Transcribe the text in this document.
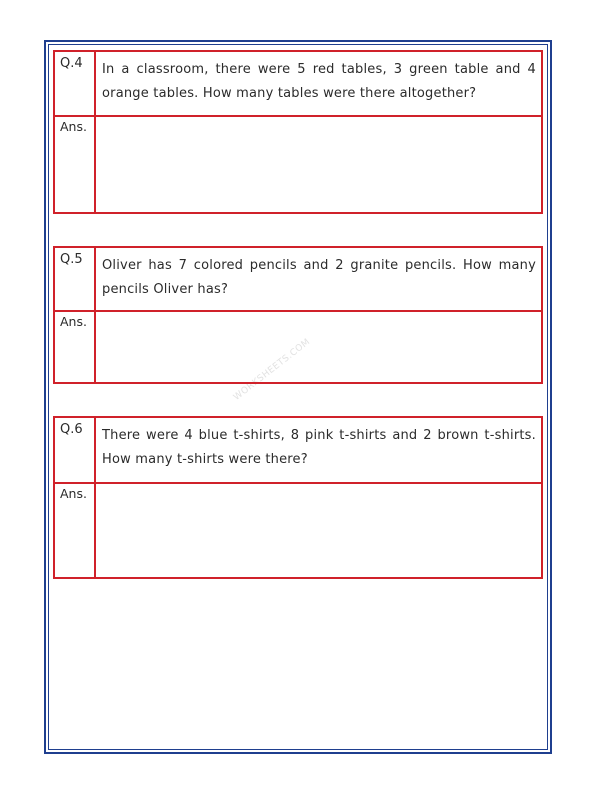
WORKSHEETS.COM
Q.4	In a classroom, there were 5 red tables, 3 green table and 4 orange tables. How many tables were there altogether?
Ans.
Q.5	Oliver has 7 colored pencils and 2 granite pencils. How many pencils Oliver has?
Ans.
Q.6	There were 4 blue t-shirts, 8 pink t-shirts and 2 brown t-shirts. How many t-shirts were there?
Ans.
